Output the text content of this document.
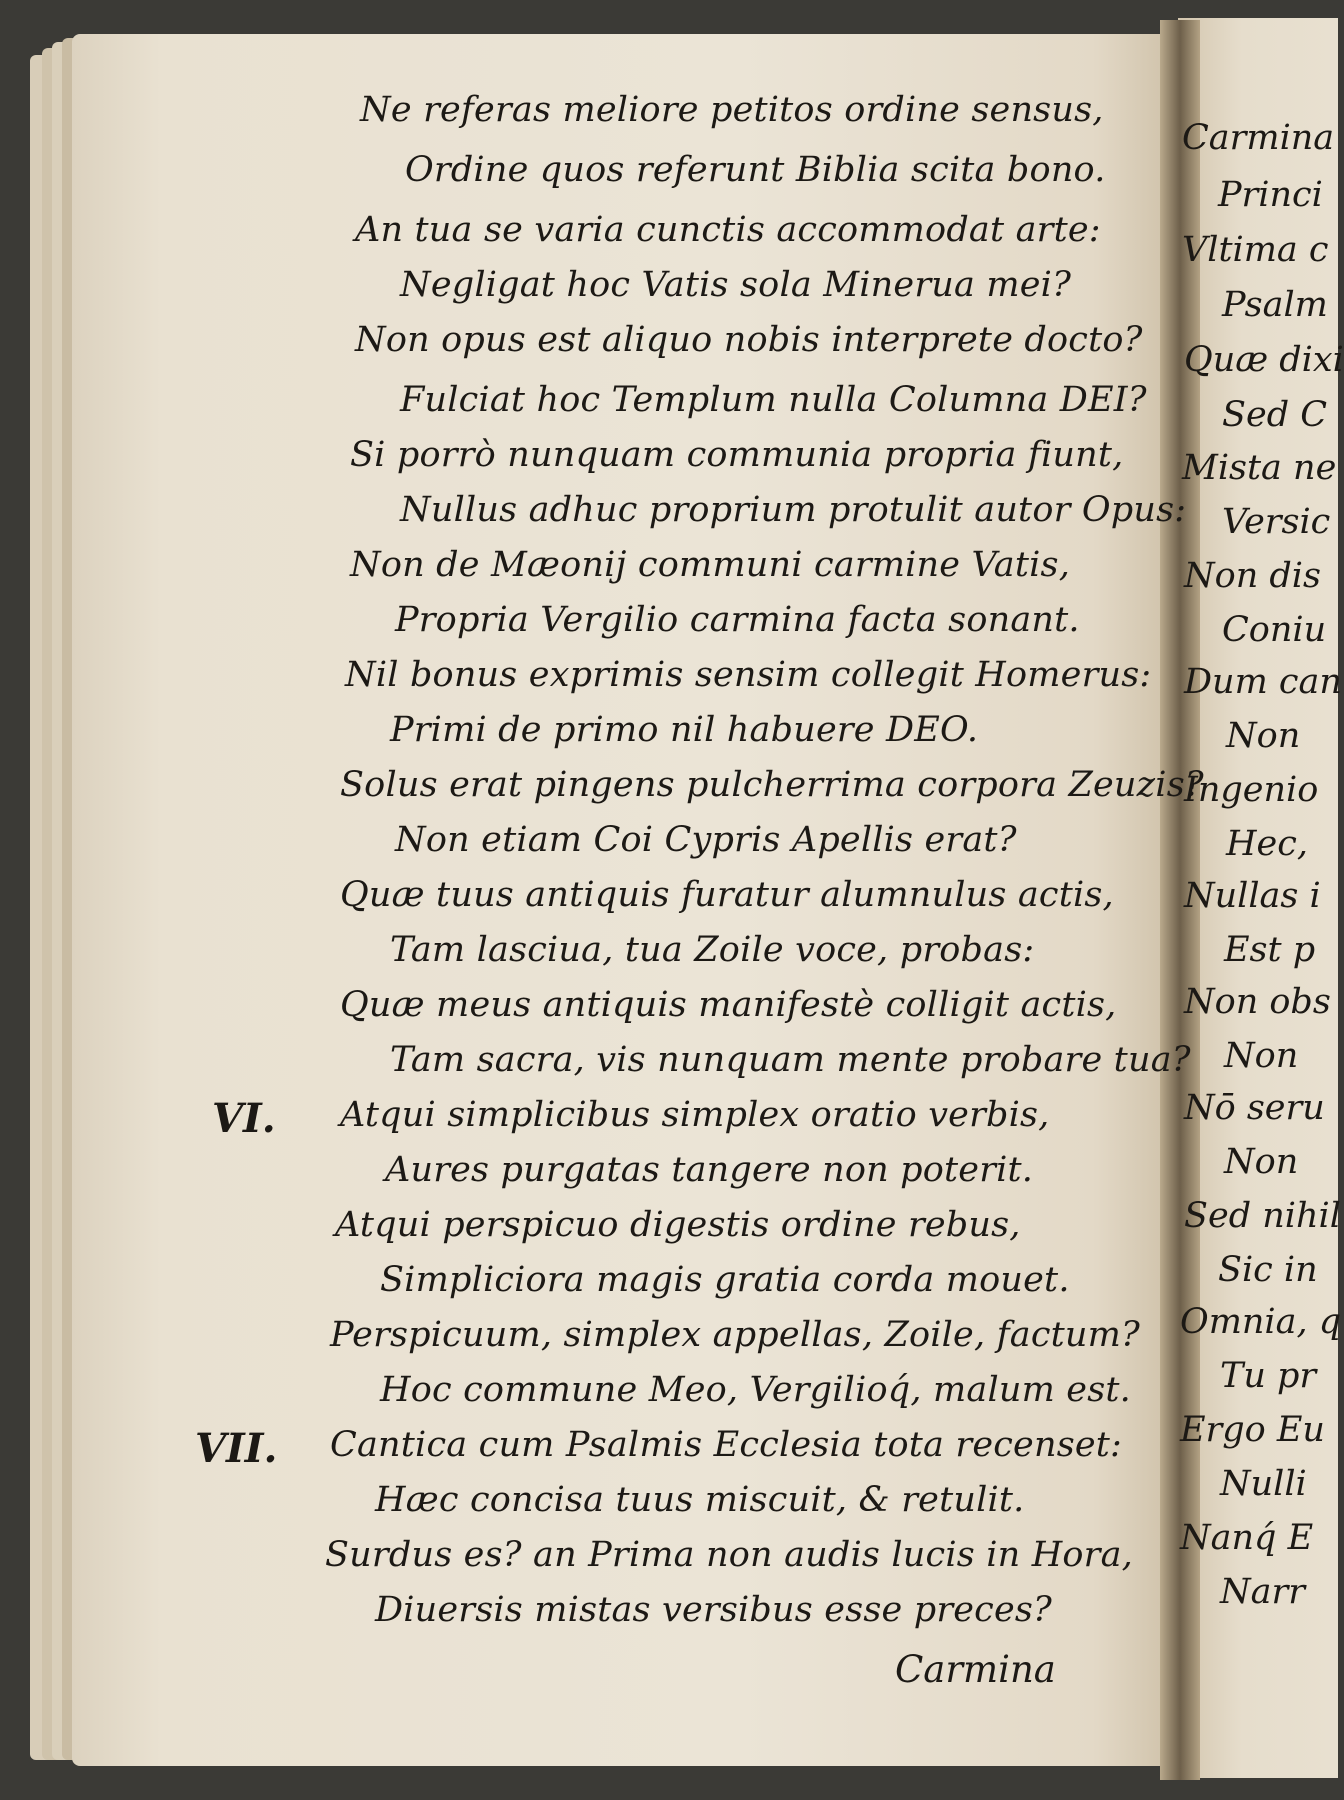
Ne referas meliore petitos ordine sensus,
Ordine quos referunt Biblia scita bono.
An tua se varia cunctis accommodat arte:
Negligat hoc Vatis sola Minerua mei?
Non opus est aliquo nobis interprete docto?
Fulciat hoc Templum nulla Columna DEI?
Si porrò nunquam communia propria fiunt,
Nullus adhuc proprium protulit autor Opus:
Non de Mæonij communi carmine Vatis,
Propria Vergilio carmina facta sonant.
Nil bonus exprimis sensim collegit Homerus:
Primi de primo nil habuere DEO.
Solus erat pingens pulcherrima corpora Zeuzis?
Non etiam Coi Cypris Apellis erat?
Quæ tuus antiquis furatur alumnulus actis,
Tam lasciua, tua Zoile voce, probas:
Quæ meus antiquis manifestè colligit actis,
Tam sacra, vis nunquam mente probare tua?
VI. Atqui simplicibus simplex oratio verbis,
Aures purgatas tangere non poterit.
Atqui perspicuo digestis ordine rebus,
Simpliciora magis gratia corda mouet.
Perspicuum, simplex appellas, Zoile, factum?
Hoc commune Meo, Vergilioq́, malum est.
VII. Cantica cum Psalmis Ecclesia tota recenset:
Hæc concisa tuus miscuit, & retulit.
Surdus es? an Prima non audis lucis in Hora,
Diuersis mistas versibus esse preces?
Carmina
Carmina
Princi
Vltima c
Psalm
Quæ dixi
Sed C
Mista ne
Versic
Non dis
Coniu
Dum can
Non
Ingenio
Hec,
Nullas i
Est p
Non obs
Non
Nō seru
Non
Sed nihil
Sic in
Omnia, q
Tu pr
Ergo Eu
Nulli
Nanq́ E
Narr
